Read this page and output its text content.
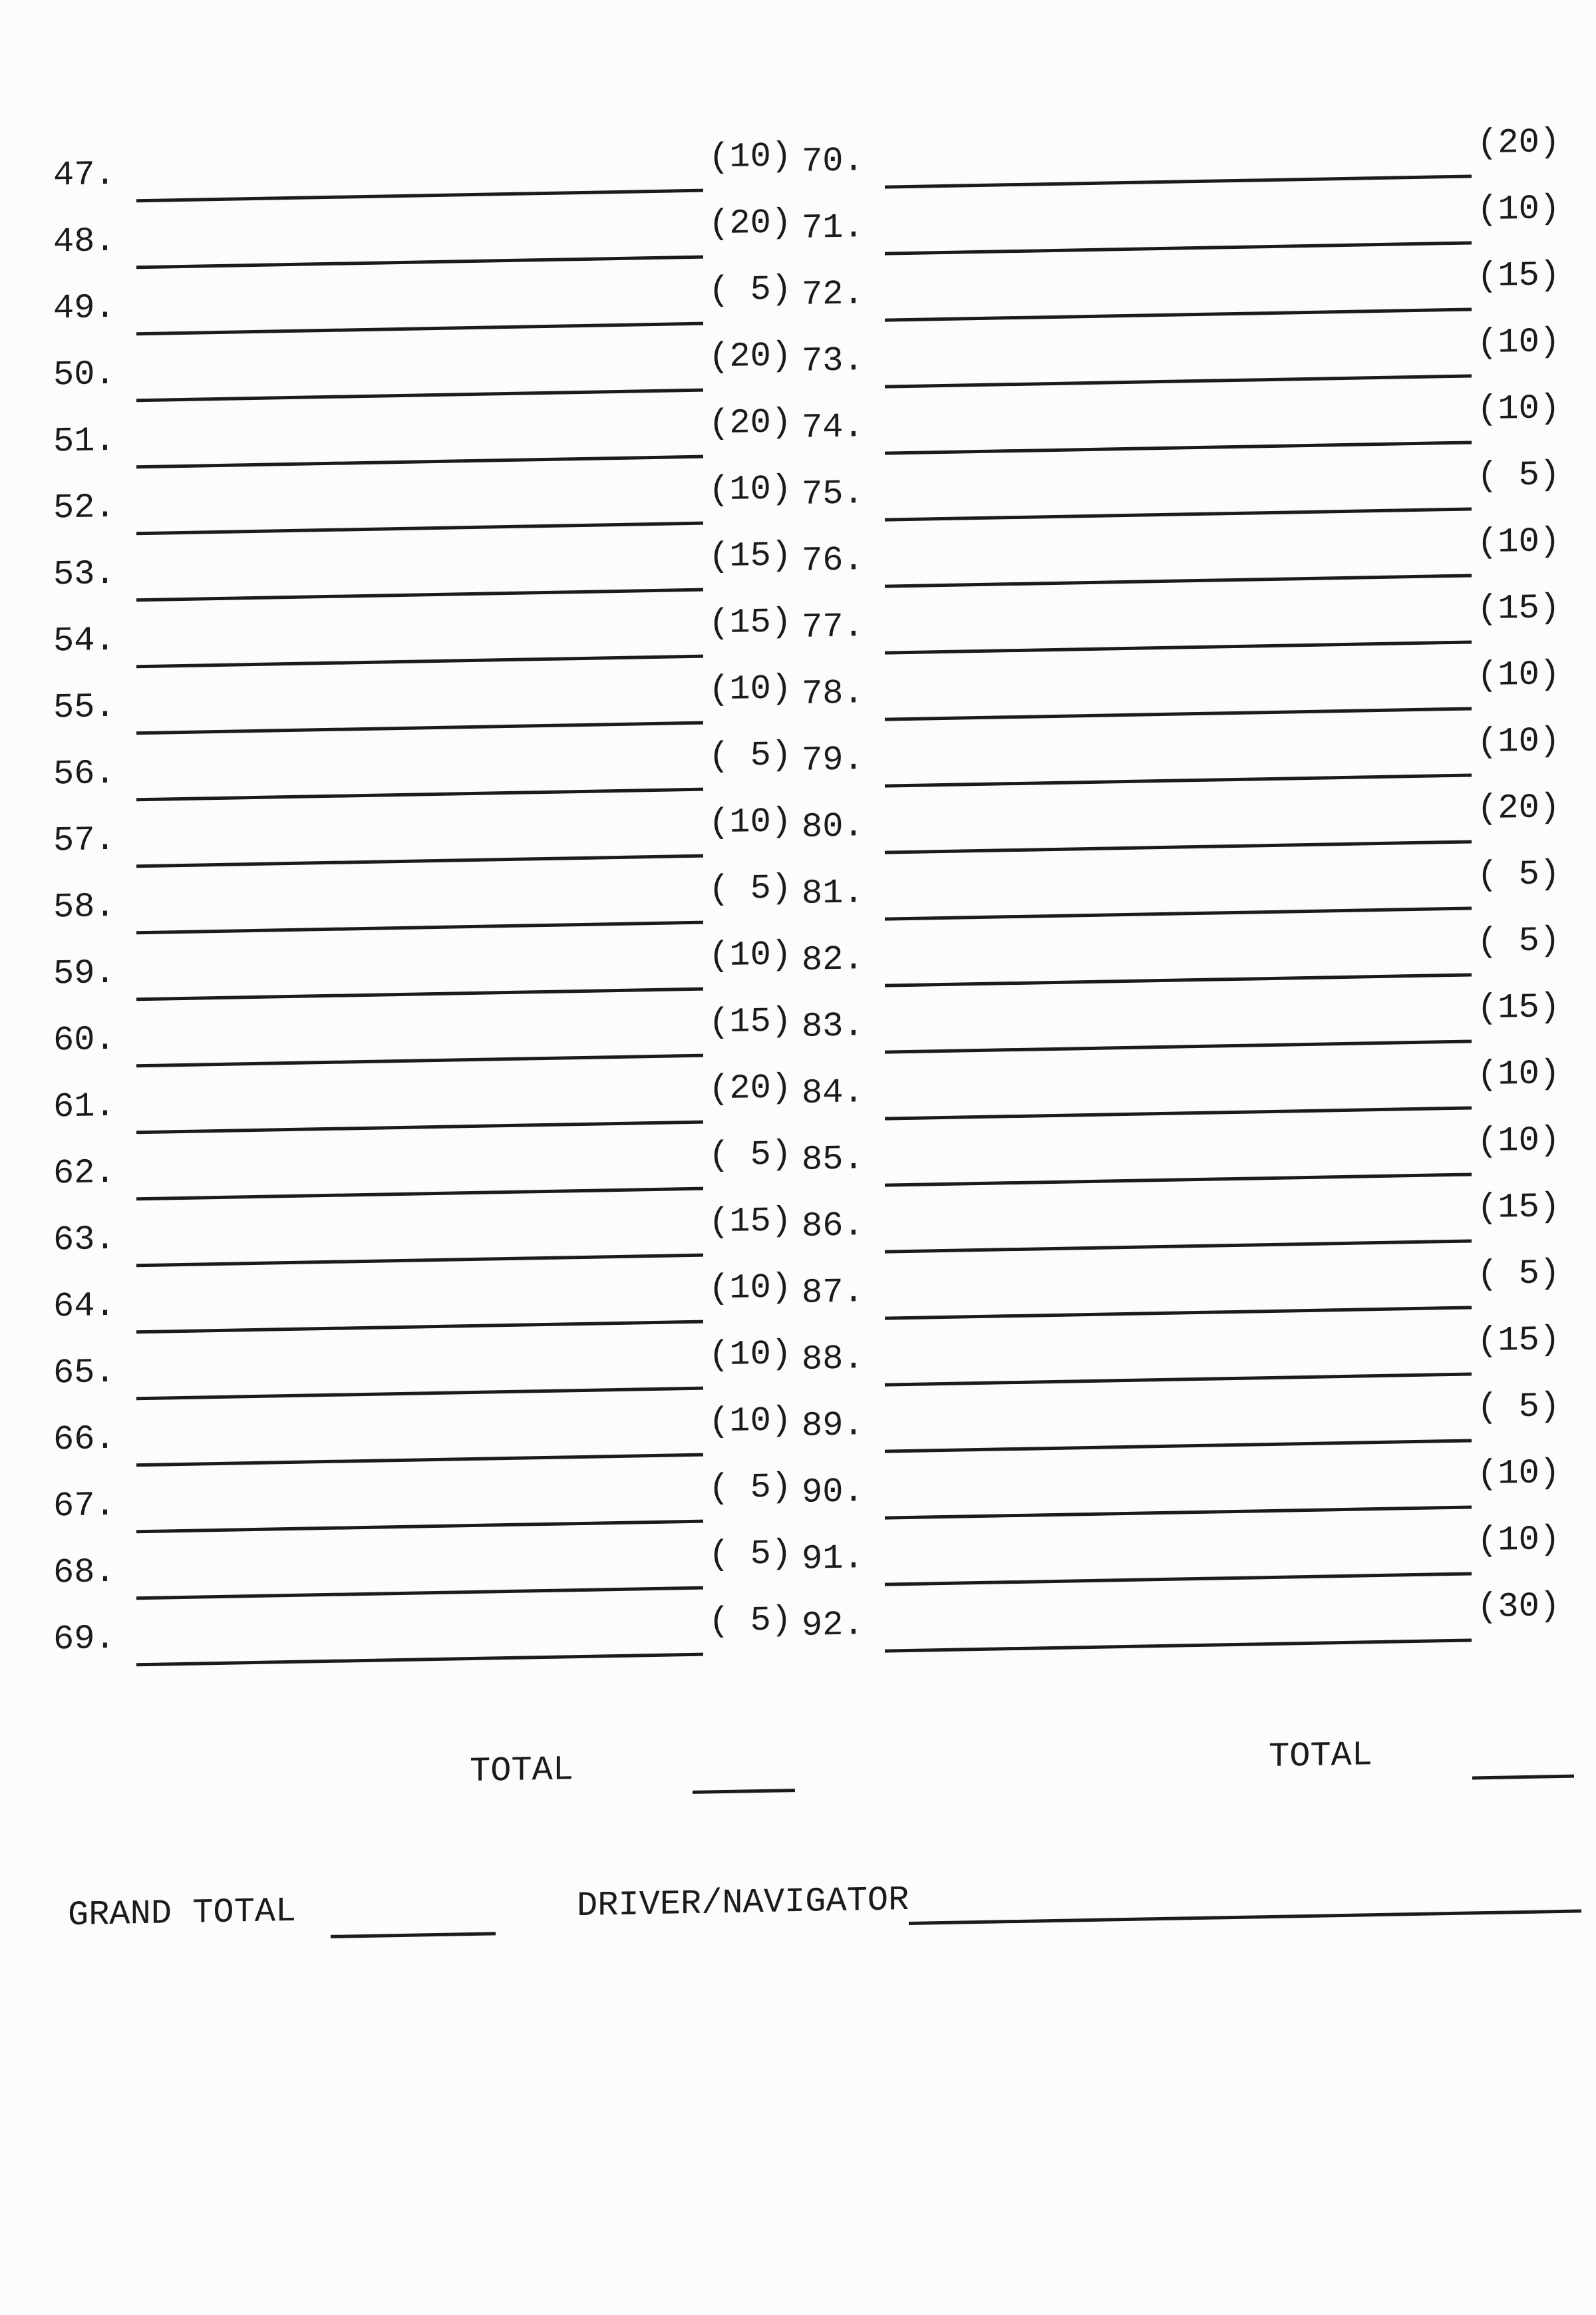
47.	(10) 70.	(20)
48.	(20) 71.	(10)
49.	( 5) 72.	(15)
50.	(20) 73.	(10)
51.	(20) 74.	(10)
52.	(10) 75.	( 5)
53.	(15) 76.	(10)
54.	(15) 77.	(15)
55.	(10) 78.	(10)
56.	( 5) 79.	(10)
57.	(10) 80.	(20)
58.	( 5) 81.	( 5)
59.	(10) 82.	( 5)
60.	(15) 83.	(15)
61.	(20) 84.	(10)
62.	( 5) 85.	(10)
63.	(15) 86.	(15)
64.	(10) 87.	( 5)
65.	(10) 88.	(15)
66.	(10) 89.	( 5)
67.	( 5) 90.	(10)
68.	( 5) 91.	(10)
69.	( 5) 92.	(30)
TOTAL	TOTAL
GRAND TOTAL	DRIVER/NAVIGATOR
